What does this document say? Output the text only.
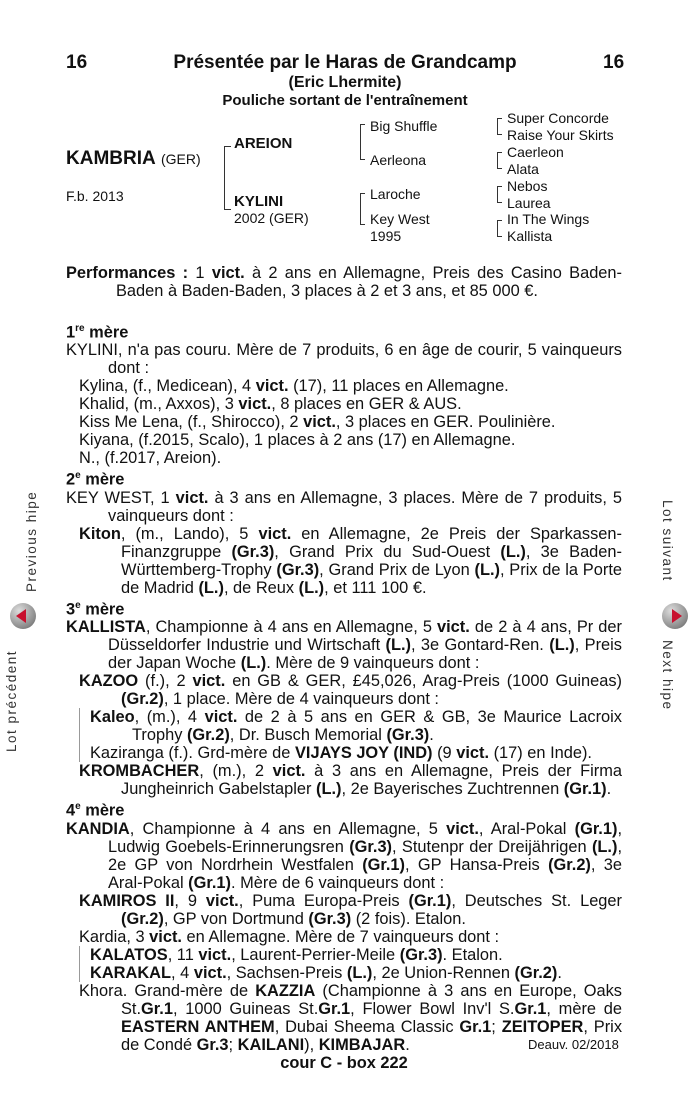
16	16
Présentée par le Haras de Grandcamp
(Eric Lhermite)
Pouliche sortant de l'entraînement
KAMBRIA (GER)
F.b. 2013
AREION
KYLINI
2002 (GER)
Big Shuffle
Aerleona
Laroche
Key West
1995
Super Concorde
Raise Your Skirts
Caerleon
Alata
Nebos
Laurea
In The Wings
Kallista

Performances : 1 vict. à 2 ans en Allemagne, Preis des Casino Baden-Baden à Baden-Baden, 3 places à 2 et 3 ans, et 85 000 €.

1re mère

KYLINI, n'a pas couru. Mère de 7 produits, 6 en âge de courir, 5 vainqueurs dont :

Kylina, (f., Medicean), 4 vict. (17), 11 places en Allemagne.

Khalid, (m., Axxos), 3 vict., 8 places en GER & AUS.

Kiss Me Lena, (f., Shirocco), 2 vict., 3 places en GER. Poulinière.

Kiyana, (f.2015, Scalo), 1 places à 2 ans (17) en Allemagne.

N., (f.2017, Areion).

2e mère

KEY WEST, 1 vict. à 3 ans en Allemagne, 3 places. Mère de 7 produits, 5 vainqueurs dont :

Kiton, (m., Lando), 5 vict. en Allemagne, 2e Preis der Sparkassen-Finanzgruppe (Gr.3), Grand Prix du Sud-Ouest (L.), 3e Baden-Württemberg-Trophy (Gr.3), Grand Prix de Lyon (L.), Prix de la Porte de Madrid (L.), de Reux (L.), et 111 100 €.

3e mère

KALLISTA, Championne à 4 ans en Allemagne, 5 vict. de 2 à 4 ans, Pr der Düsseldorfer Industrie und Wirtschaft (L.), 3e Gontard-Ren. (L.), Preis der Japan Woche (L.). Mère de 9 vainqueurs dont :

KAZOO (f.), 2 vict. en GB & GER, £45,026, Arag-Preis (1000 Guineas) (Gr.2), 1 place. Mère de 4 vainqueurs dont :

Kaleo, (m.), 4 vict. de 2 à 5 ans en GER & GB, 3e Maurice Lacroix Trophy (Gr.2), Dr. Busch Memorial (Gr.3).

Kaziranga (f.). Grd-mère de VIJAYS JOY (IND) (9 vict. (17) en Inde).

KROMBACHER, (m.), 2 vict. à 3 ans en Allemagne, Preis der Firma Jungheinrich Gabelstapler (L.), 2e Bayerisches Zuchtrennen (Gr.1).

4e mère

KANDIA, Championne à 4 ans en Allemagne, 5 vict., Aral-Pokal (Gr.1), Ludwig Goebels-Erinnerungsren (Gr.3), Stutenpr der Dreijährigen (L.), 2e GP von Nordrhein Westfalen (Gr.1), GP Hansa-Preis (Gr.2), 3e Aral-Pokal (Gr.1). Mère de 6 vainqueurs dont :

KAMIROS II, 9 vict., Puma Europa-Preis (Gr.1), Deutsches St. Leger (Gr.2), GP von Dortmund (Gr.3) (2 fois). Etalon.

Kardia, 3 vict. en Allemagne. Mère de 7 vainqueurs dont :

KALATOS, 11 vict., Laurent-Perrier-Meile (Gr.3). Etalon.

KARAKAL, 4 vict., Sachsen-Preis (L.), 2e Union-Rennen (Gr.2).

Khora. Grand-mère de KAZZIA (Championne à 3 ans en Europe, Oaks St.Gr.1, 1000 Guineas St.Gr.1, Flower Bowl Inv'l S.Gr.1, mère de EASTERN ANTHEM, Dubai Sheema Classic Gr.1; ZEITOPER, Prix de Condé Gr.3; KAILANI), KIMBAJAR.

cour C - box 222

Deauv. 02/2018
Lot précédent
Previous hipe	Lot suivant
Next hipe
